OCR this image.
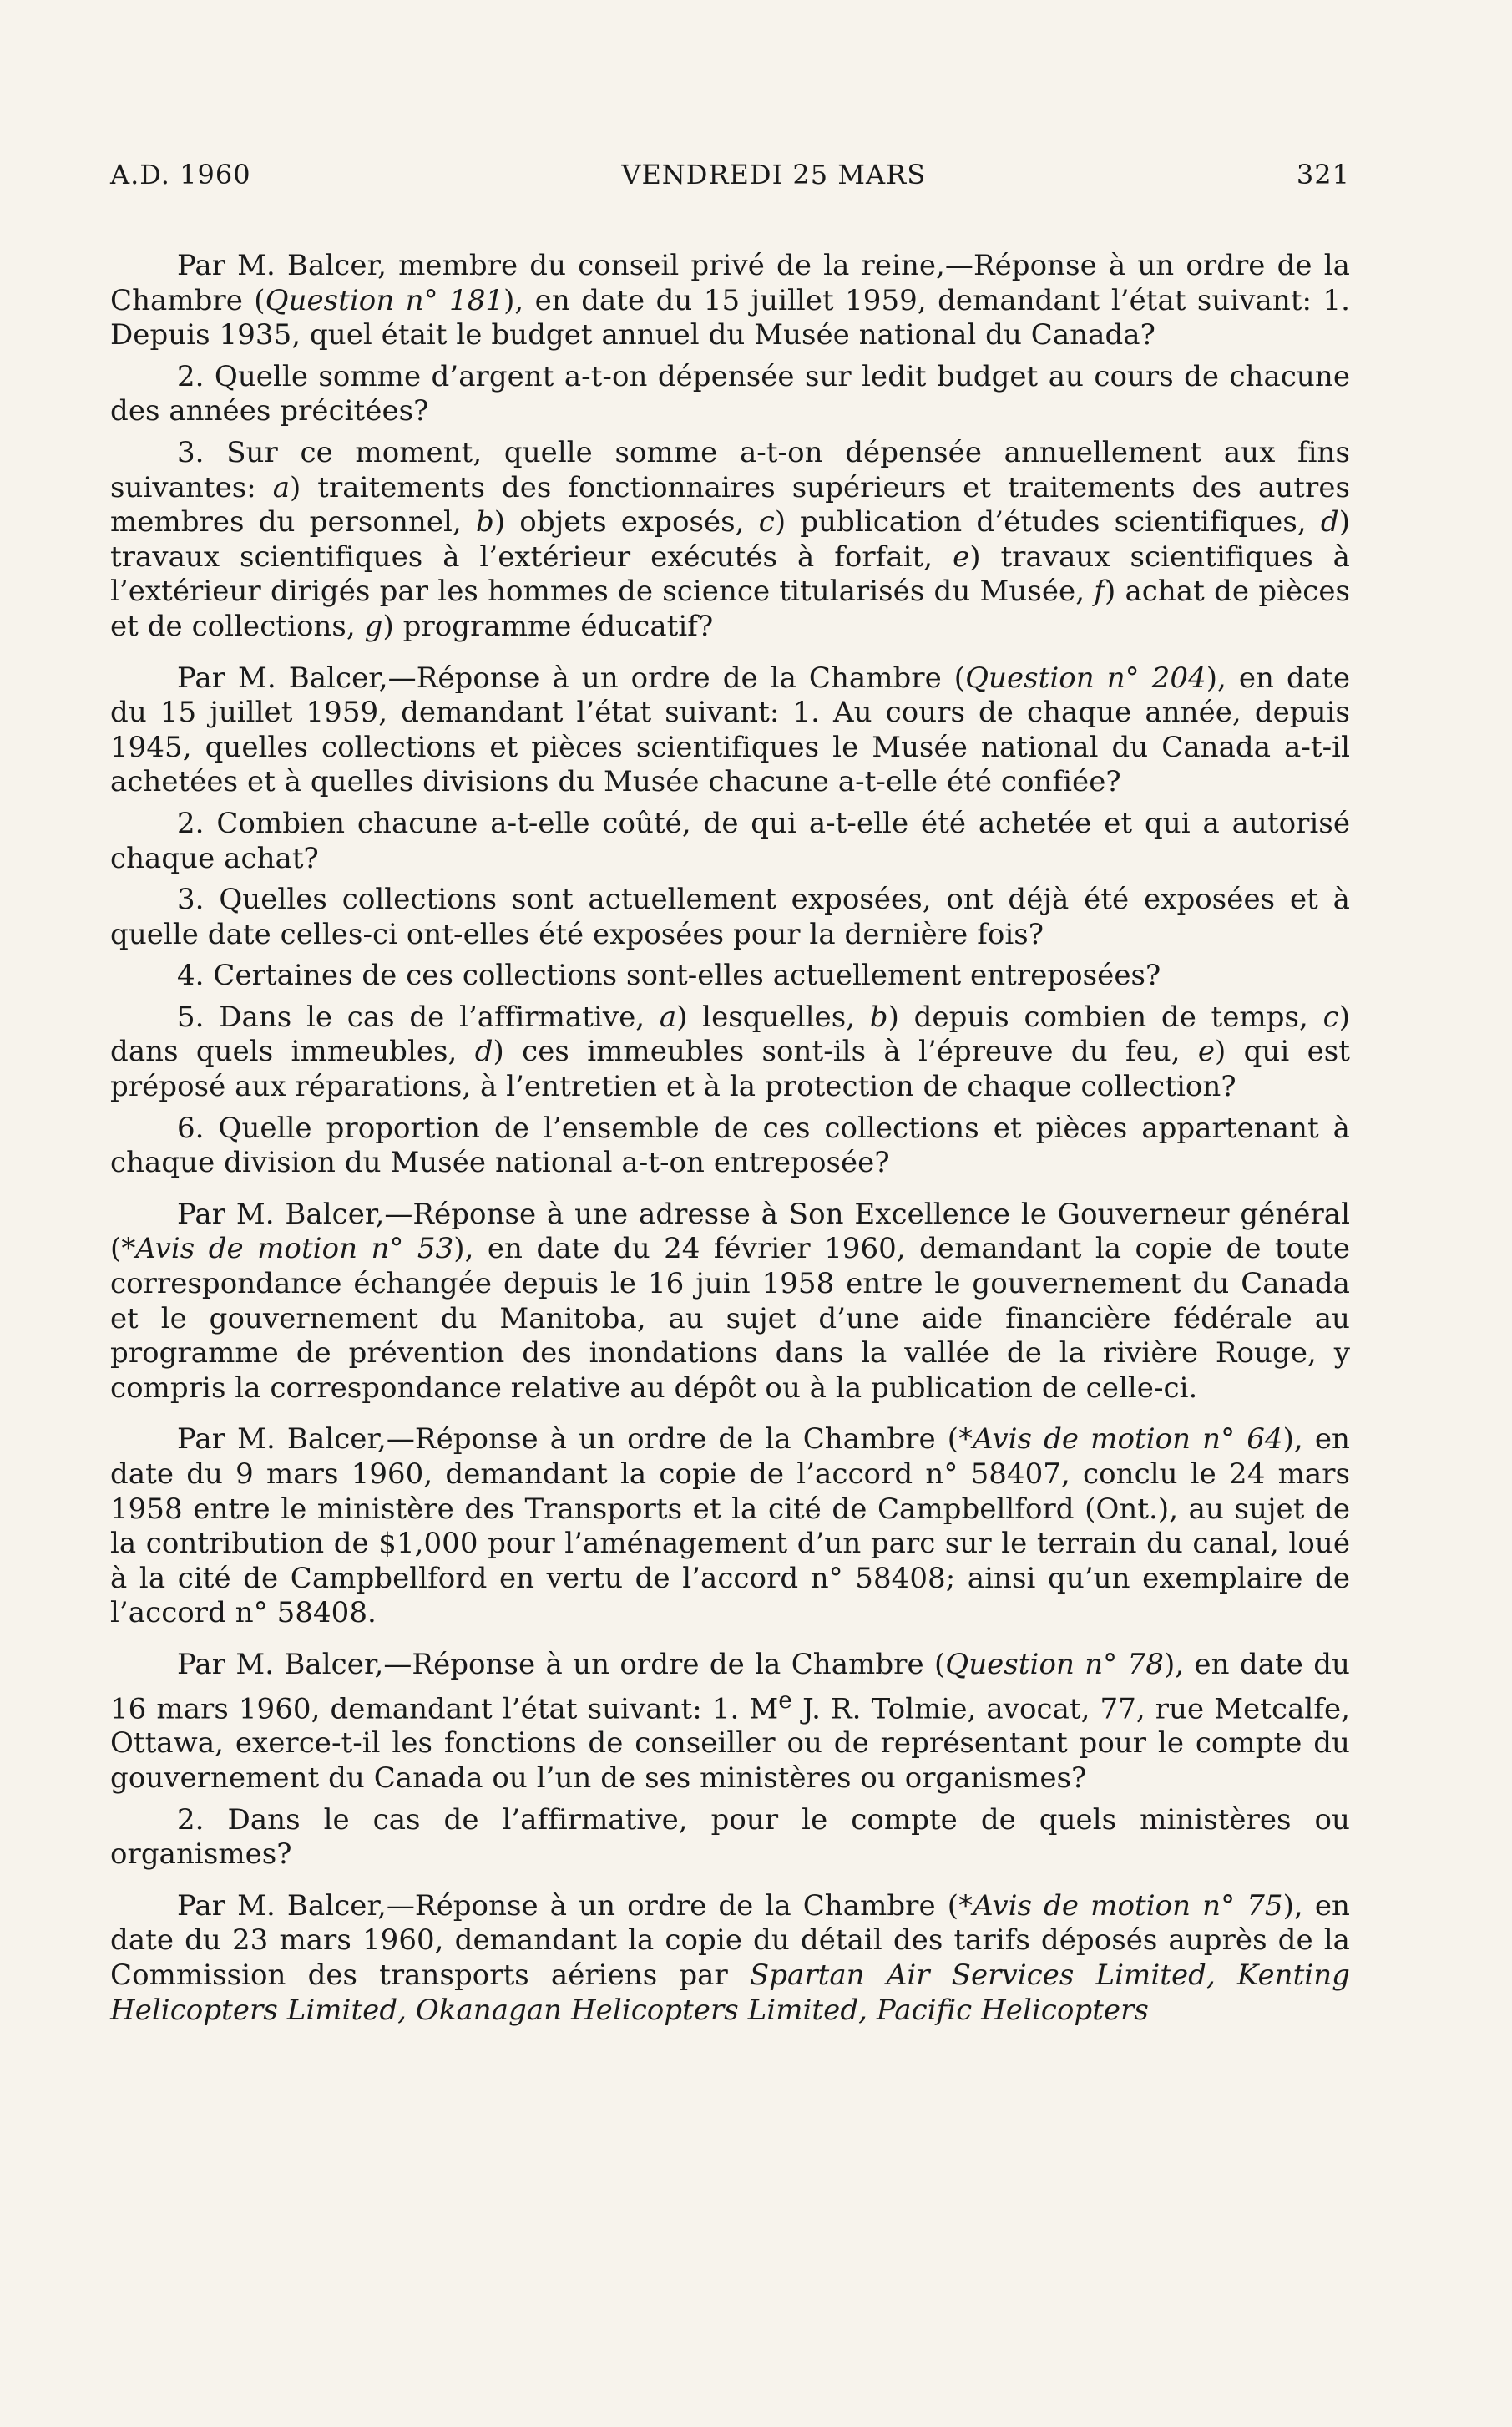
A.D. 1960	VENDREDI 25 MARS	321

Par M. Balcer, membre du conseil privé de la reine,—Réponse à un ordre de la Chambre (Question n° 181), en date du 15 juillet 1959, demandant l’état suivant: 1. Depuis 1935, quel était le budget annuel du Musée national du Canada?

2. Quelle somme d’argent a-t-on dépensée sur ledit budget au cours de chacune des années précitées?

3. Sur ce moment, quelle somme a-t-on dépensée annuellement aux fins suivantes: a) traitements des fonctionnaires supérieurs et traitements des autres membres du personnel, b) objets exposés, c) publication d’études scientifiques, d) travaux scientifiques à l’extérieur exécutés à forfait, e) travaux scientifiques à l’extérieur dirigés par les hommes de science titularisés du Musée, f) achat de pièces et de collections, g) programme éducatif?

Par M. Balcer,—Réponse à un ordre de la Chambre (Question n° 204), en date du 15 juillet 1959, demandant l’état suivant: 1. Au cours de chaque année, depuis 1945, quelles collections et pièces scientifiques le Musée national du Canada a-t-il achetées et à quelles divisions du Musée chacune a-t-elle été confiée?

2. Combien chacune a-t-elle coûté, de qui a-t-elle été achetée et qui a autorisé chaque achat?

3. Quelles collections sont actuellement exposées, ont déjà été exposées et à quelle date celles-ci ont-elles été exposées pour la dernière fois?

4. Certaines de ces collections sont-elles actuellement entreposées?

5. Dans le cas de l’affirmative, a) lesquelles, b) depuis combien de temps, c) dans quels immeubles, d) ces immeubles sont-ils à l’épreuve du feu, e) qui est préposé aux réparations, à l’entretien et à la protection de chaque collection?

6. Quelle proportion de l’ensemble de ces collections et pièces appartenant à chaque division du Musée national a-t-on entreposée?

Par M. Balcer,—Réponse à une adresse à Son Excellence le Gouverneur général (*Avis de motion n° 53), en date du 24 février 1960, demandant la copie de toute correspondance échangée depuis le 16 juin 1958 entre le gouvernement du Canada et le gouvernement du Manitoba, au sujet d’une aide financière fédérale au programme de prévention des inondations dans la vallée de la rivière Rouge, y compris la correspondance relative au dépôt ou à la publication de celle-ci.

Par M. Balcer,—Réponse à un ordre de la Chambre (*Avis de motion n° 64), en date du 9 mars 1960, demandant la copie de l’accord n° 58407, conclu le 24 mars 1958 entre le ministère des Transports et la cité de Campbellford (Ont.), au sujet de la contribution de $1,000 pour l’aménagement d’un parc sur le terrain du canal, loué à la cité de Campbellford en vertu de l’accord n° 58408; ainsi qu’un exemplaire de l’accord n° 58408.

Par M. Balcer,—Réponse à un ordre de la Chambre (Question n° 78), en date du 16 mars 1960, demandant l’état suivant: 1. Me J. R. Tolmie, avocat, 77, rue Metcalfe, Ottawa, exerce-t-il les fonctions de conseiller ou de représentant pour le compte du gouvernement du Canada ou l’un de ses ministères ou organismes?

2. Dans le cas de l’affirmative, pour le compte de quels ministères ou organismes?

Par M. Balcer,—Réponse à un ordre de la Chambre (*Avis de motion n° 75), en date du 23 mars 1960, demandant la copie du détail des tarifs déposés auprès de la Commission des transports aériens par Spartan Air Services Limited, Kenting Helicopters Limited, Okanagan Helicopters Limited, Pacific Helicopters
